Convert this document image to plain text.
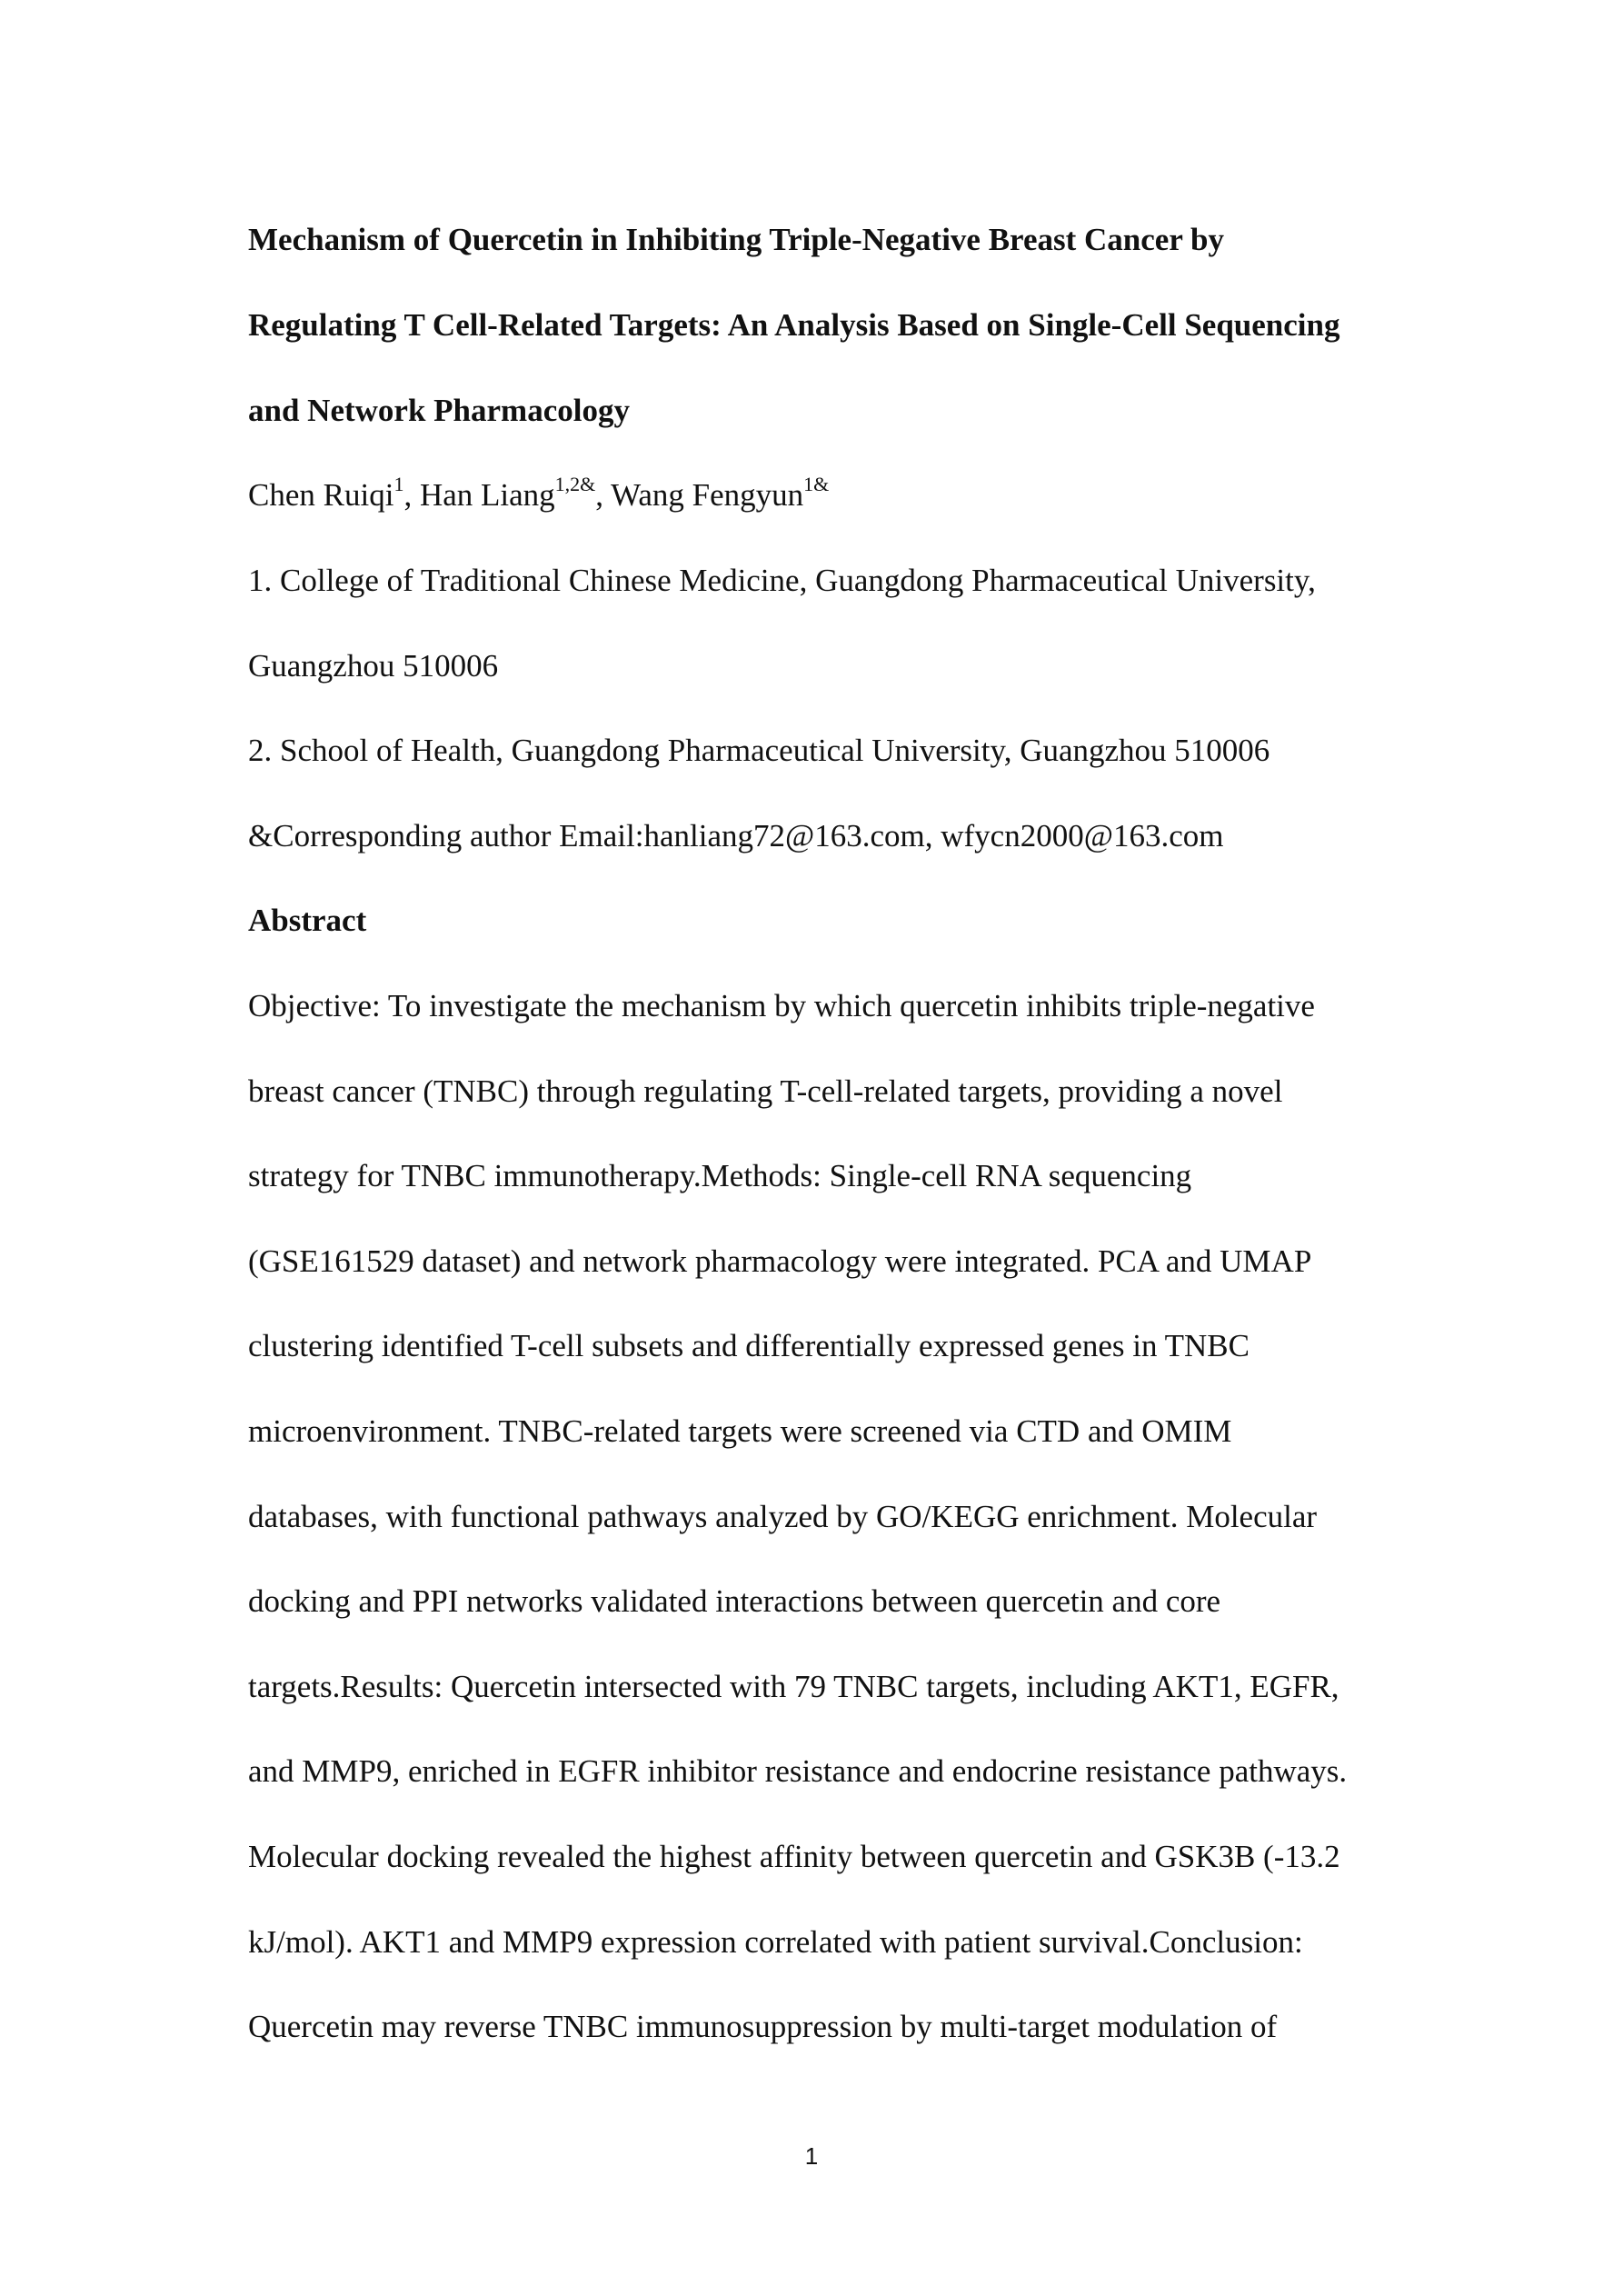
Mechanism of Quercetin in Inhibiting Triple-Negative Breast Cancer by
Regulating T Cell-Related Targets: An Analysis Based on Single-Cell Sequencing
and Network Pharmacology
Chen Ruiqi$^1$, Han Liang$^{1,2\&}$, Wang Fengyun$^{1\&}$
1. College of Traditional Chinese Medicine, Guangdong Pharmaceutical University,
Guangzhou 510006
2. School of Health, Guangdong Pharmaceutical University, Guangzhou 510006
&Corresponding author Email:hanliang72@163.com, wfycn2000@163.com
Abstract
Objective: To investigate the mechanism by which quercetin inhibits triple-negative
breast cancer (TNBC) through regulating T-cell-related targets, providing a novel
strategy for TNBC immunotherapy.Methods: Single-cell RNA sequencing
(GSE161529 dataset) and network pharmacology were integrated. PCA and UMAP
clustering identified T-cell subsets and differentially expressed genes in TNBC
microenvironment. TNBC-related targets were screened via CTD and OMIM
databases, with functional pathways analyzed by GO/KEGG enrichment. Molecular
docking and PPI networks validated interactions between quercetin and core
targets.Results: Quercetin intersected with 79 TNBC targets, including AKT1, EGFR,
and MMP9, enriched in EGFR inhibitor resistance and endocrine resistance pathways.
Molecular docking revealed the highest affinity between quercetin and GSK3B (-13.2
kJ/mol). AKT1 and MMP9 expression correlated with patient survival.Conclusion:
Quercetin may reverse TNBC immunosuppression by multi-target modulation of
1
